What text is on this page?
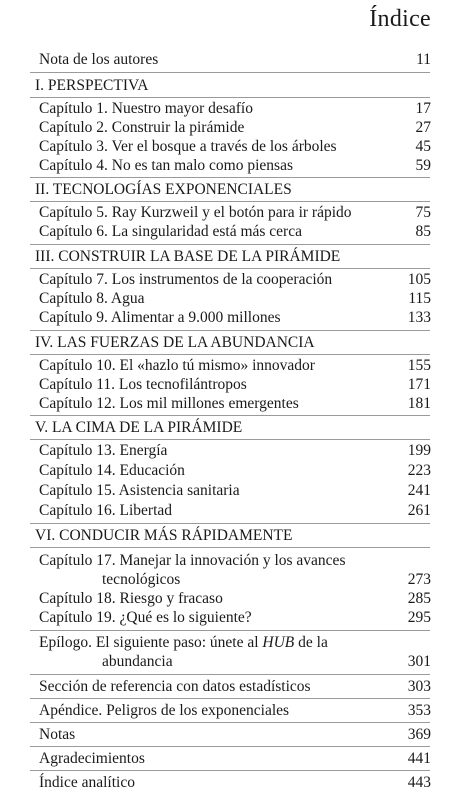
Índice
Nota de los autores	11
I. PERSPECTIVA
Capítulo 1. Nuestro mayor desafío	17
Capítulo 2. Construir la pirámide	27
Capítulo 3. Ver el bosque a través de los árboles	45
Capítulo 4. No es tan malo como piensas	59
II. TECNOLOGÍAS EXPONENCIALES
Capítulo 5. Ray Kurzweil y el botón para ir rápido	75
Capítulo 6. La singularidad está más cerca	85
III. CONSTRUIR LA BASE DE LA PIRÁMIDE
Capítulo 7. Los instrumentos de la cooperación	105
Capítulo 8. Agua	115
Capítulo 9. Alimentar a 9.000 millones	133
IV. LAS FUERZAS DE LA ABUNDANCIA
Capítulo 10. El «hazlo tú mismo» innovador	155
Capítulo 11. Los tecnofilántropos	171
Capítulo 12. Los mil millones emergentes	181
V. LA CIMA DE LA PIRÁMIDE
Capítulo 13. Energía	199
Capítulo 14. Educación	223
Capítulo 15. Asistencia sanitaria	241
Capítulo 16. Libertad	261
VI. CONDUCIR MÁS RÁPIDAMENTE
Capítulo 17. Manejar la innovación y los avances
tecnológicos	273
Capítulo 18. Riesgo y fracaso	285
Capítulo 19. ¿Qué es lo siguiente?	295
Epílogo. El siguiente paso: únete al HUB de la
abundancia	301
Sección de referencia con datos estadísticos	303
Apéndice. Peligros de los exponenciales	353
Notas	369
Agradecimientos	441
Índice analítico	443
